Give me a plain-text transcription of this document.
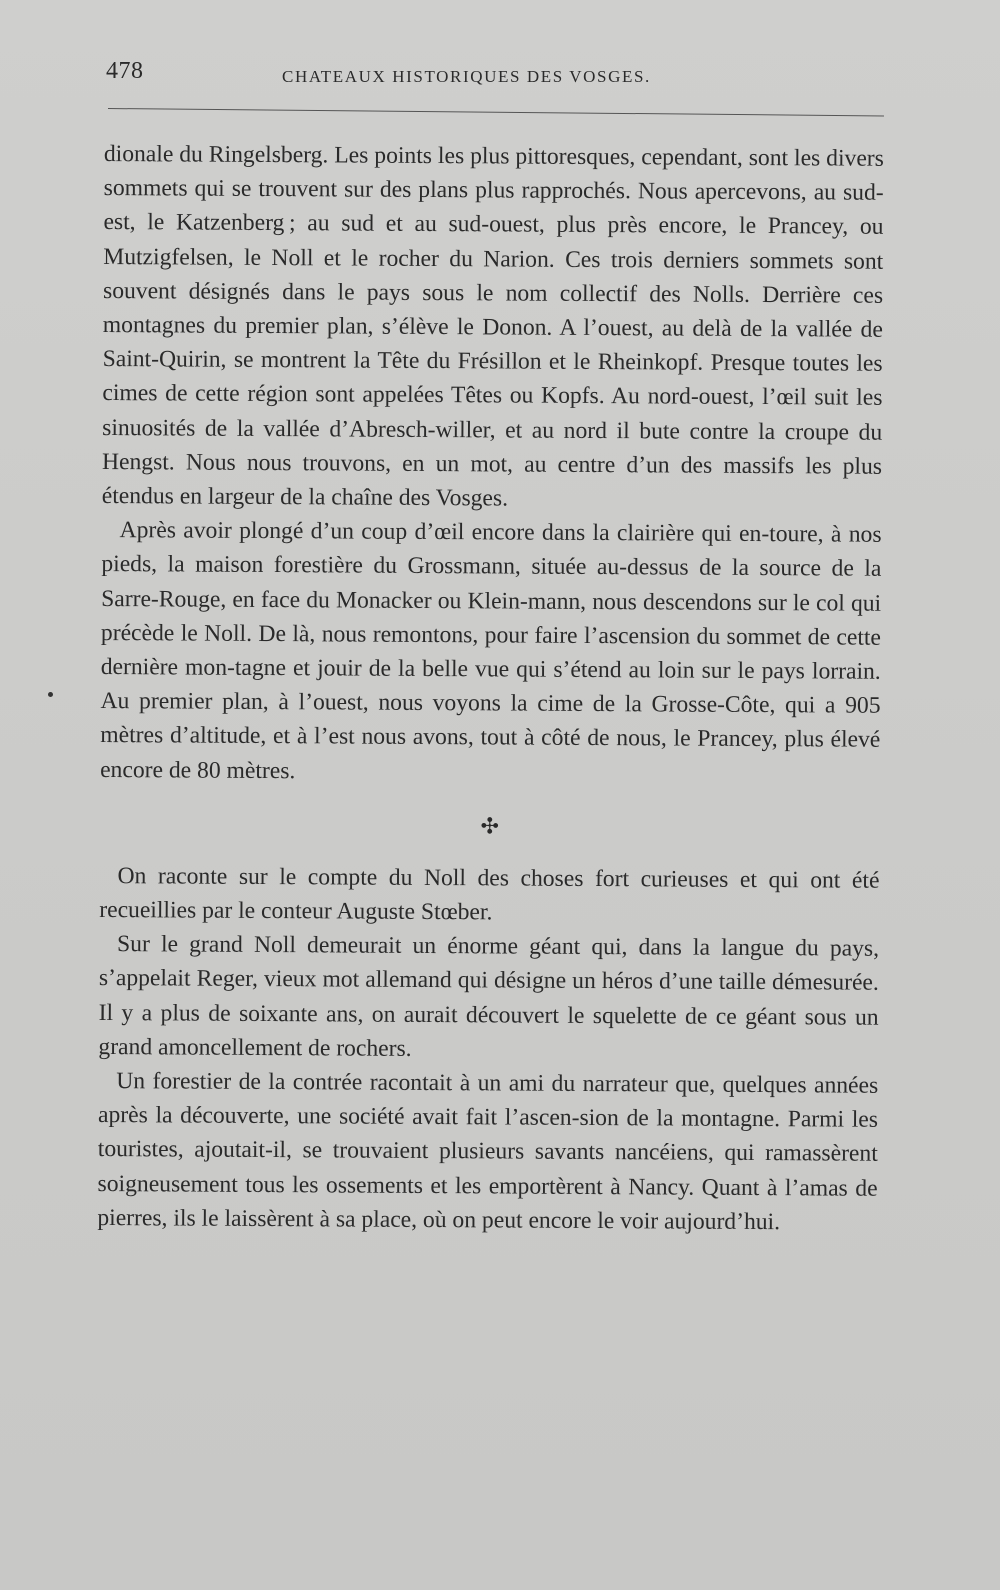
478	CHATEAUX HISTORIQUES DES VOSGES.

dionale du Ringelsberg. Les points les plus pittoresques, cependant, sont les divers sommets qui se trouvent sur des plans plus rapprochés. Nous apercevons, au sud-est, le Katzenberg ; au sud et au sud-ouest, plus près encore, le Prancey, ou Mutzigfelsen, le Noll et le rocher du Narion. Ces trois derniers sommets sont souvent désignés dans le pays sous le nom collectif des Nolls. Derrière ces montagnes du premier plan, s’élève le Donon. A l’ouest, au delà de la vallée de Saint-Quirin, se montrent la Tête du Frésillon et le Rheinkopf. Presque toutes les cimes de cette région sont appelées Têtes ou Kopfs. Au nord-ouest, l’œil suit les sinuosités de la vallée d’Abresch-willer, et au nord il bute contre la croupe du Hengst. Nous nous trouvons, en un mot, au centre d’un des massifs les plus étendus en largeur de la chaîne des Vosges.

Après avoir plongé d’un coup d’œil encore dans la clairière qui en-toure, à nos pieds, la maison forestière du Grossmann, située au-dessus de la source de la Sarre-Rouge, en face du Monacker ou Klein-mann, nous descendons sur le col qui précède le Noll. De là, nous remontons, pour faire l’ascension du sommet de cette dernière mon-tagne et jouir de la belle vue qui s’étend au loin sur le pays lorrain. Au premier plan, à l’ouest, nous voyons la cime de la Grosse-Côte, qui a 905 mètres d’altitude, et à l’est nous avons, tout à côté de nous, le Prancey, plus élevé encore de 80 mètres.

✣

On raconte sur le compte du Noll des choses fort curieuses et qui ont été recueillies par le conteur Auguste Stœber.

Sur le grand Noll demeurait un énorme géant qui, dans la langue du pays, s’appelait Reger, vieux mot allemand qui désigne un héros d’une taille démesurée. Il y a plus de soixante ans, on aurait découvert le squelette de ce géant sous un grand amoncellement de rochers.

Un forestier de la contrée racontait à un ami du narrateur que, quelques années après la découverte, une société avait fait l’ascen-sion de la montagne. Parmi les touristes, ajoutait-il, se trouvaient plusieurs savants nancéiens, qui ramassèrent soigneusement tous les ossements et les emportèrent à Nancy. Quant à l’amas de pierres, ils le laissèrent à sa place, où on peut encore le voir aujourd’hui.
